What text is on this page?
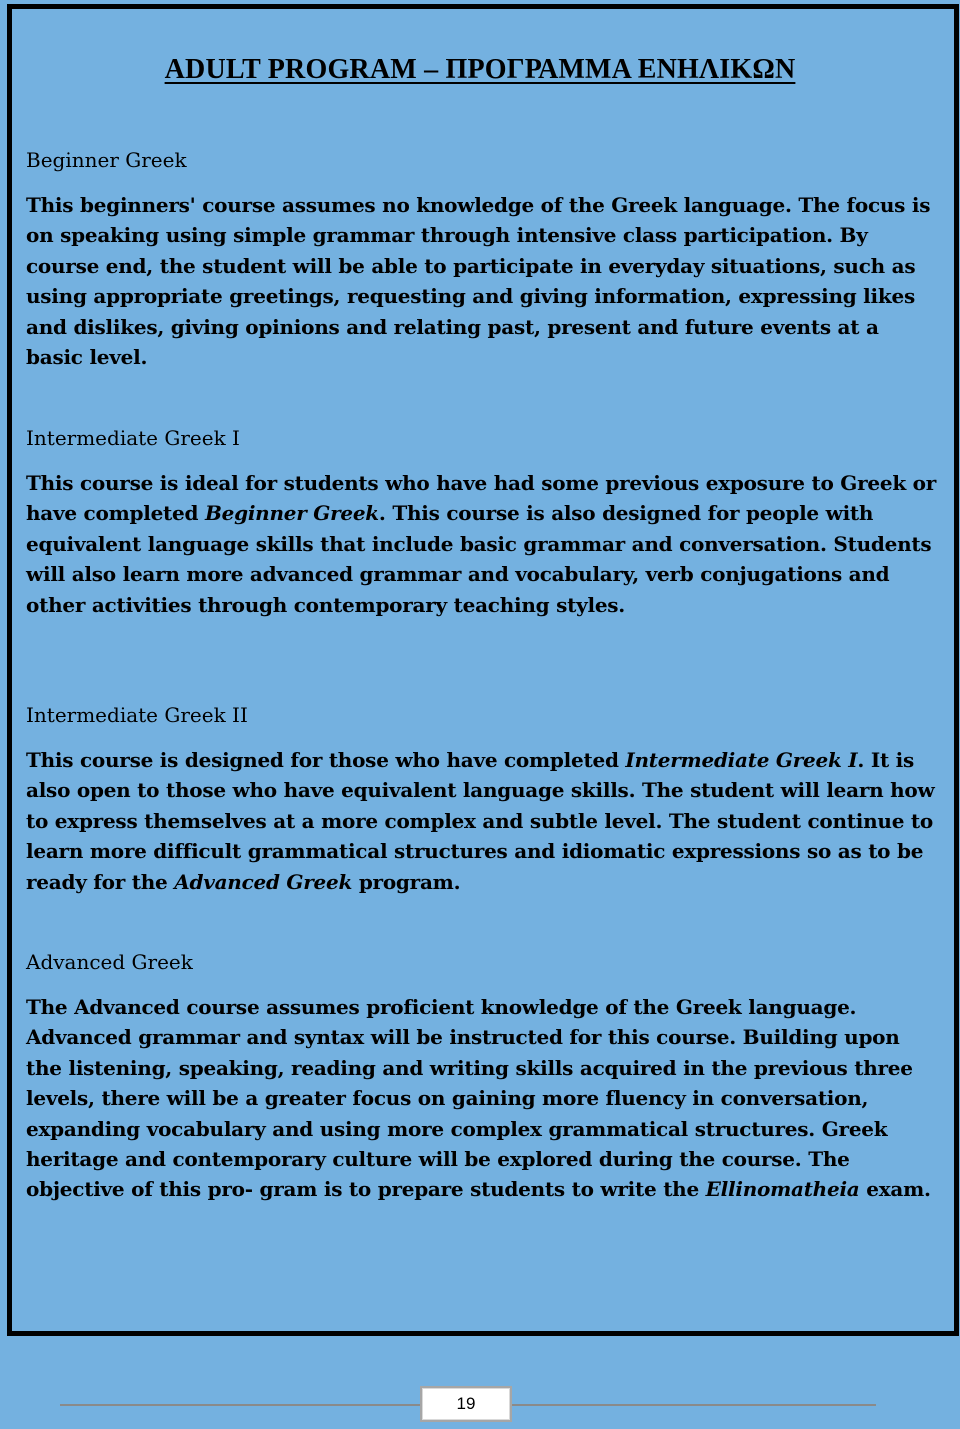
ADULT PROGRAM – ΠΡΟΓΡΑΜΜΑ ΕΝΗΛΙΚΩΝ

Beginner Greek

This beginners' course assumes no knowledge of the Greek language. The focus is on speaking using simple grammar through intensive class participation. By course end, the student will be able to participate in everyday situations, such as using appropriate greetings, requesting and giving information, expressing likes and dislikes, giving opinions and relating past, present and future events at a basic level.

Intermediate Greek I

This course is ideal for students who have had some previous exposure to Greek or have completed Beginner Greek. This course is also designed for people with equivalent language skills that include basic grammar and conversation. Students will also learn more advanced grammar and vocabulary, verb conjugations and other activities through contemporary teaching styles.

Intermediate Greek II

This course is designed for those who have completed Intermediate Greek I. It is also open to those who have equivalent language skills. The student will learn how to express themselves at a more complex and subtle level. The student continue to learn more difficult grammatical structures and idiomatic expressions so as to be ready for the Advanced Greek program.

Advanced Greek

The Advanced course assumes proficient knowledge of the Greek language. Advanced grammar and syntax will be instructed for this course. Building upon the listening, speaking, reading and writing skills acquired in the previous three levels, there will be a greater focus on gaining more fluency in conversation, expanding vocabulary and using more complex grammatical structures. Greek heritage and contemporary culture will be explored during the course. The objective of this pro- gram is to prepare students to write the Ellinomatheia exam.

19
